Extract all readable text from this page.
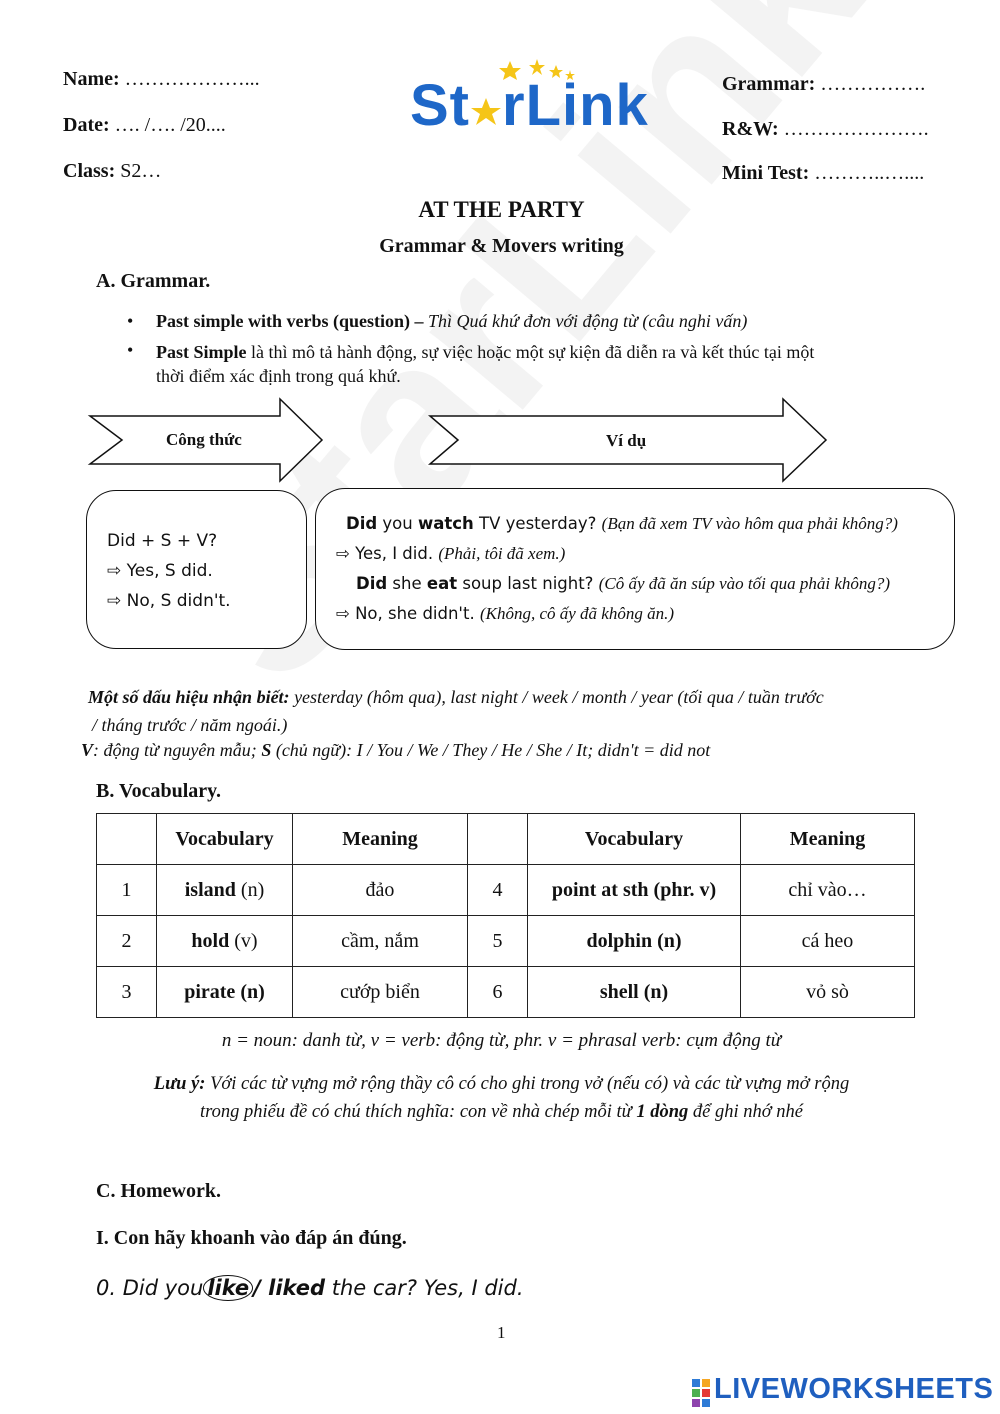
Name: ………………...
Date: …. /…. /20....
Class: S2…
St rLink	Grammar: …………….
R&W: ………………….
Mini Test: ………..…....
AT THE PARTY
Grammar & Movers writing
A. Grammar.
• Past simple with verbs (question) – Thì Quá khứ đơn với động từ (câu nghi vấn)
• Past Simple là thì mô tả hành động, sự việc hoặc một sự kiện đã diễn ra và kết thúc tại một
thời điểm xác định trong quá khứ.
Công thức	Ví dụ
Did + S + V?
⇨ Yes, S did.
⇨ No, S didn't.
Did you watch TV yesterday? (Bạn đã xem TV vào hôm qua phải không?)
⇨ Yes, I did. (Phải, tôi đã xem.)
Did she eat soup last night? (Cô ấy đã ăn súp vào tối qua phải không?)
⇨ No, she didn't. (Không, cô ấy đã không ăn.)
Một số dấu hiệu nhận biết: yesterday (hôm qua), last night / week / month / year (tối qua / tuần trước
/ tháng trước / năm ngoái.)
V: động từ nguyên mẫu; S (chủ ngữ): I / You / We / They / He / She / It; didn't = did not
B. Vocabulary.
	Vocabulary	Meaning		Vocabulary	Meaning
1	island (n)	đảo	4	point at sth (phr. v)	chỉ vào…
2	hold (v)	cầm, nắm	5	dolphin (n)	cá heo
3	pirate (n)	cướp biển	6	shell (n)	vỏ sò
n = noun: danh từ, v = verb: động từ, phr. v = phrasal verb: cụm động từ
Lưu ý: Với các từ vựng mở rộng thầy cô có cho ghi trong vở (nếu có) và các từ vựng mở rộng
trong phiếu đề có chú thích nghĩa: con về nhà chép mỗi từ 1 dòng để ghi nhớ nhé
C. Homework.
I. Con hãy khoanh vào đáp án đúng.
0. Did you like / liked the car? Yes, I did.
1
LIVEWORKSHEETS
